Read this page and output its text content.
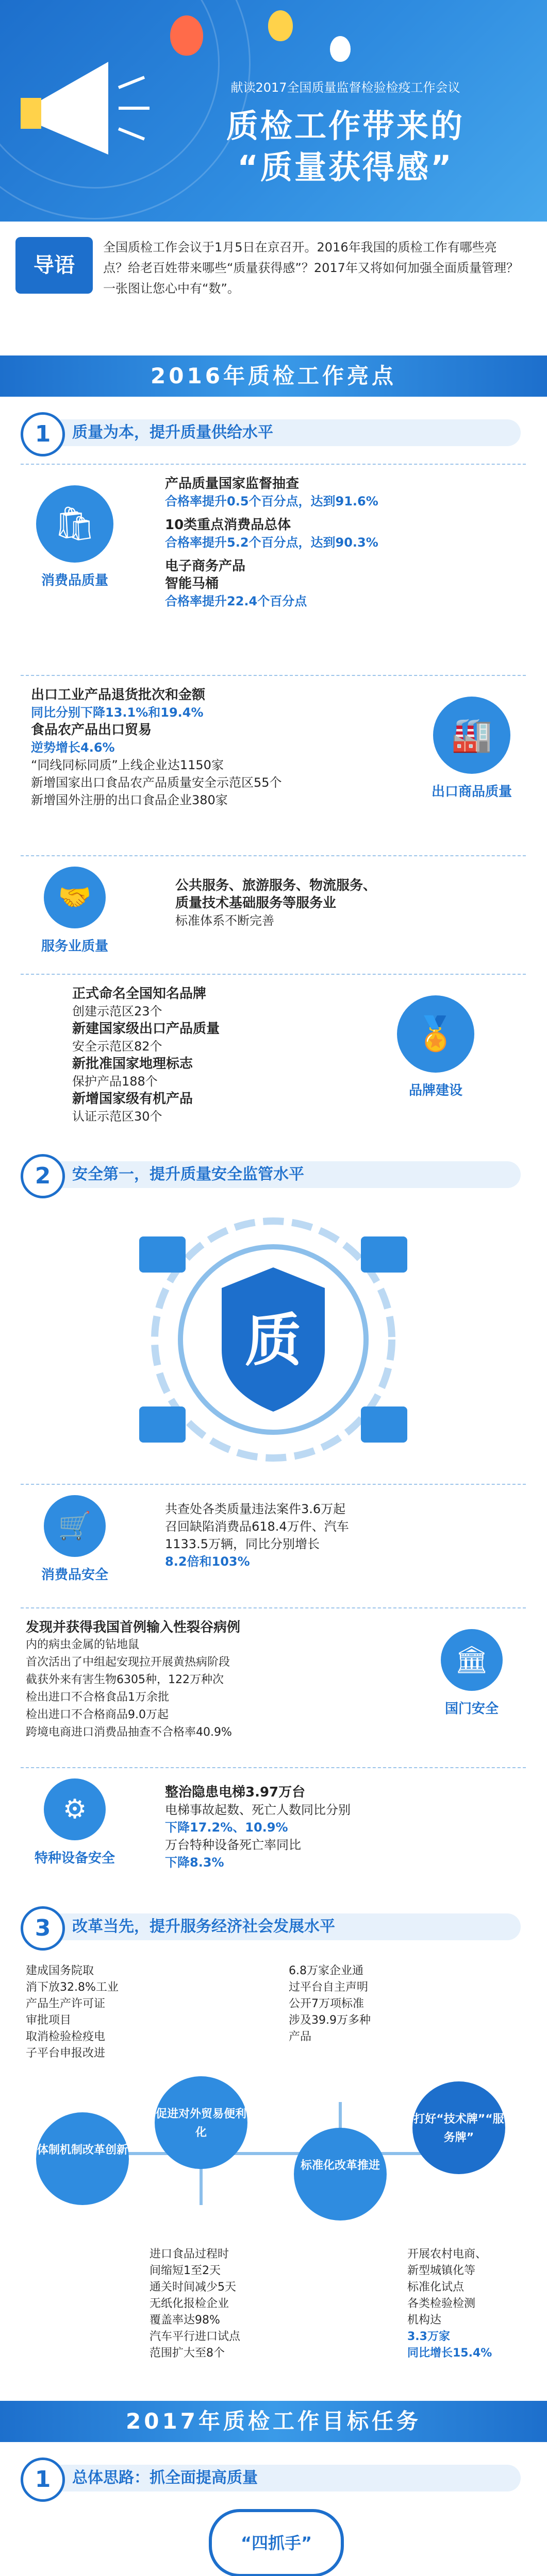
献读2017全国质量监督检验检疫工作会议
质检工作带来的
“质量获得感”
导语
全国质检工作会议于1月5日在京召开。2016年我国的质检工作有哪些亮点？给老百姓带来哪些“质量获得感”？2017年又将如何加强全面质量管理？一张图让您心中有“数”。
2016年质检工作亮点
1	质量为本，提升质量供给水平
🛍
消费品质量
产品质量国家监督抽查
合格率提升0.5个百分点，达到91.6%
10类重点消费品总体
合格率提升5.2个百分点，达到90.3%
电子商务产品
智能马桶
合格率提升22.4个百分点
出口工业产品退货批次和金额
同比分别下降13.1%和19.4%
食品农产品出口贸易
逆势增长4.6%
“同线同标同质”上线企业达1150家
新增国家出口食品农产品质量安全示范区55个
新增国外注册的出口食品企业380家
🏭
出口商品质量
🤝
服务业质量
公共服务、旅游服务、物流服务、
质量技术基础服务等服务业
标准体系不断完善
正式命名全国知名品牌
创建示范区23个
新建国家级出口产品质量
安全示范区82个
新批准国家地理标志
保护产品188个
新增国家级有机产品
认证示范区30个
🏅
品牌建设
2	安全第一，提升质量安全监管水平
质
🛒
消费品安全
共查处各类质量违法案件3.6万起
召回缺陷消费品618.4万件、汽车
1133.5万辆，同比分别增长
8.2倍和103%
发现并获得我国首例输入性裂谷病例
内的病虫金属的钻地鼠
首次活出了中组起安现拉开展黄热病阶段
截获外来有害生物6305种，122万种次
检出进口不合格食品1万余批
检出进口不合格商品9.0万起
跨境电商进口消费品抽查不合格率40.9%
🏛
国门安全
⚙
特种设备安全
整治隐患电梯3.97万台
电梯事故起数、死亡人数同比分别
下降17.2%、10.9%
万台特种设备死亡率同比
下降8.3%
3	改革当先，提升服务经济社会发展水平
建成国务院取
消下放32.8%工业
产品生产许可证
审批项目
取消检验检疫电
子平台申报改进
6.8万家企业通
过平台自主声明
公开7万项标准
涉及39.9万多种
产品
体制机制改革创新
促进对外贸易便利化
标准化改革推进
打好“技术牌”“服务牌”
进口食品过程时
间缩短1至2天
通关时间减少5天
无纸化报检企业
覆盖率达98%
汽车平行进口试点
范围扩大至8个
开展农村电商、
新型城镇化等
标准化试点
各类检验检测
机构达
3.3万家
同比增长15.4%
2017年质检工作目标任务
1	总体思路：抓全面提高质量
“四抓手”
